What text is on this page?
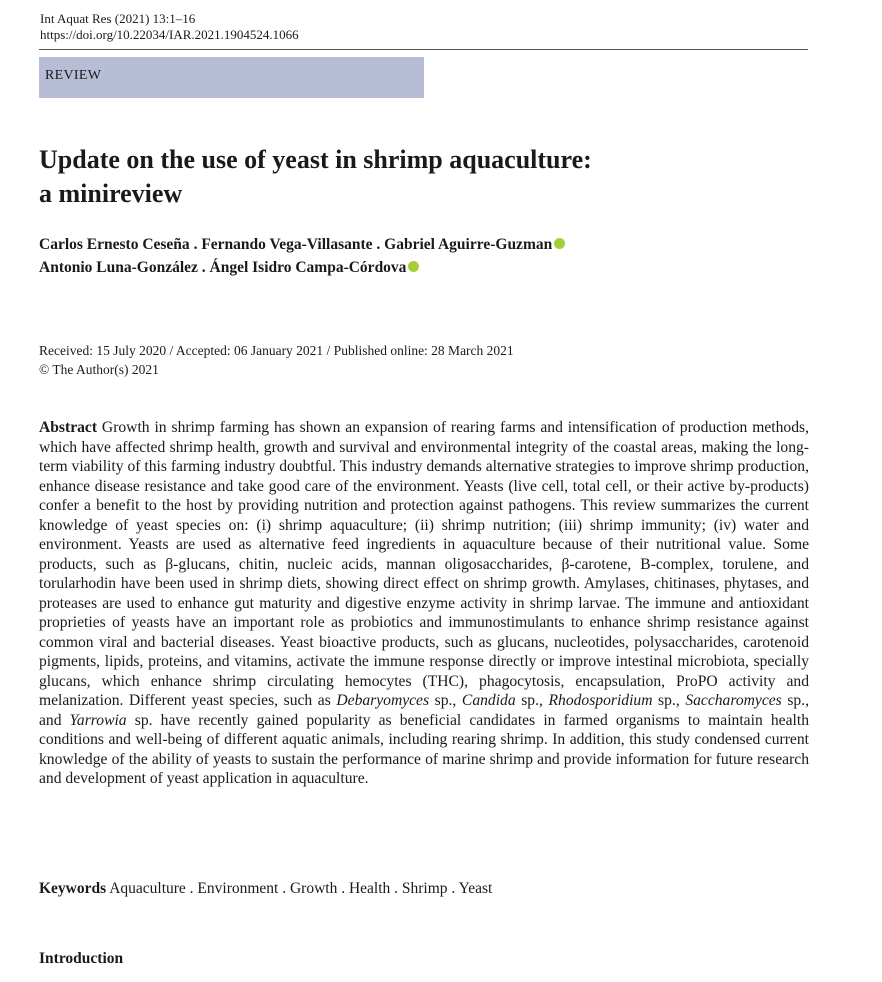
Int Aquat Res (2021) 13:1–16
https://doi.org/10.22034/IAR.2021.1904524.1066
REVIEW
Update on the use of yeast in shrimp aquaculture:
a minireview
Carlos Ernesto Ceseña . Fernando Vega-Villasante . Gabriel Aguirre-Guzman
Antonio Luna-González . Ángel Isidro Campa-Córdova
Received: 15 July 2020 / Accepted: 06 January 2021 / Published online: 28 March 2021
© The Author(s) 2021

Abstract Growth in shrimp farming has shown an expansion of rearing farms and intensification of production methods, which have affected shrimp health, growth and survival and environmental integrity of the coastal areas, making the long-term viability of this farming industry doubtful. This industry demands alternative strategies to improve shrimp production, enhance disease resistance and take good care of the environment. Yeasts (live cell, total cell, or their active by-products) confer a benefit to the host by providing nutrition and protection against pathogens. This review summarizes the current knowledge of yeast species on: (i) shrimp aquaculture; (ii) shrimp nutrition; (iii) shrimp immunity; (iv) water and environment. Yeasts are used as alternative feed ingredients in aquaculture because of their nutritional value. Some products, such as β-glucans, chitin, nucleic acids, mannan oligosaccharides, β-carotene, B-complex, torulene, and torularhodin have been used in shrimp diets, showing direct effect on shrimp growth. Amylases, chitinases, phytases, and proteases are used to enhance gut maturity and digestive enzyme activity in shrimp larvae. The immune and antioxidant proprieties of yeasts have an important role as probiotics and immunostimulants to enhance shrimp resistance against common viral and bacterial diseases. Yeast bioactive products, such as glucans, nucleotides, polysaccharides, carotenoid pigments, lipids, proteins, and vitamins, activate the immune response directly or improve intestinal microbiota, specially glucans, which enhance shrimp circulating hemocytes (THC), phagocytosis, encapsulation, ProPO activity and melanization. Different yeast species, such as Debaryomyces sp., Candida sp., Rhodosporidium sp., Saccharomyces sp., and Yarrowia sp. have recently gained popularity as beneficial candidates in farmed organisms to maintain health conditions and well-being of different aquatic animals, including rearing shrimp. In addition, this study condensed current knowledge of the ability of yeasts to sustain the performance of marine shrimp and provide information for future research and development of yeast application in aquaculture.

Keywords Aquaculture . Environment . Growth . Health . Shrimp . Yeast
Introduction
